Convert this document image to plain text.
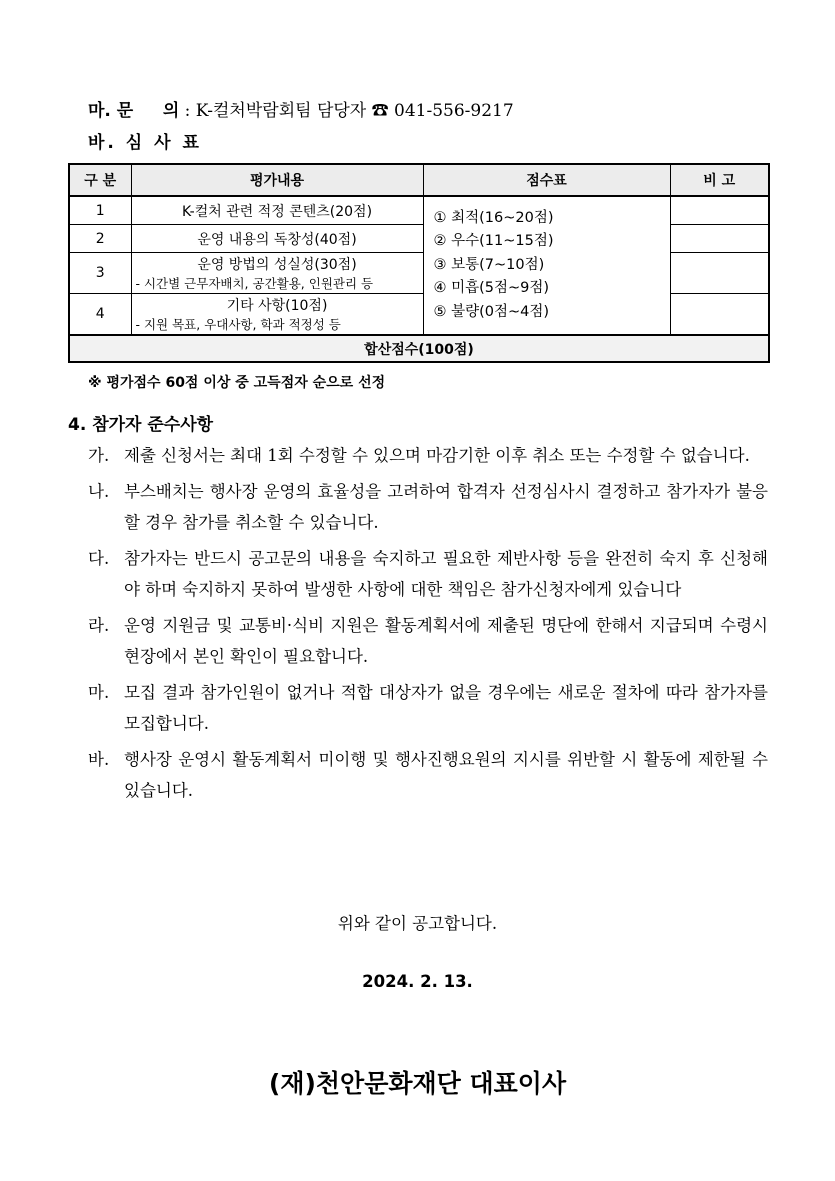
마. 문 의 : K-컬처박람회팀 담당자 ☎ 041-556-9217
바. 심 사 표
구 분	평가내용	점수표	비 고
1	K-컬처 관련 적정 콘텐츠(20점)	① 최적(16~20점)
② 우수(11~15점)
③ 보통(7~10점)
④ 미흡(5점~9점)
⑤ 불량(0점~4점)	

2	운영 내용의 독창성(40점)		
3	운영 방법의 성실성(30점)
- 시간별 근무자배치, 공간활용, 인원관리 등		

4	기타 사항(10점)
- 지원 목표, 우대사항, 학과 적정성 등		

합산점수(100점)			
※ 평가점수 60점 이상 중 고득점자 순으로 선정
4. 참가자 준수사항
가. 제출 신청서는 최대 1회 수정할 수 있으며 마감기한 이후 취소 또는 수정할 수 없습니다.
나. 부스배치는 행사장 운영의 효율성을 고려하여 합격자 선정심사시 결정하고 참가자가 불응할 경우 참가를 취소할 수 있습니다.
다. 참가자는 반드시 공고문의 내용을 숙지하고 필요한 제반사항 등을 완전히 숙지 후 신청해야 하며 숙지하지 못하여 발생한 사항에 대한 책임은 참가신청자에게 있습니다
라. 운영 지원금 및 교통비·식비 지원은 활동계획서에 제출된 명단에 한해서 지급되며 수령시 현장에서 본인 확인이 필요합니다.
마. 모집 결과 참가인원이 없거나 적합 대상자가 없을 경우에는 새로운 절차에 따라 참가자를 모집합니다.
바. 행사장 운영시 활동계획서 미이행 및 행사진행요원의 지시를 위반할 시 활동에 제한될 수 있습니다.
위와 같이 공고합니다.
2024. 2. 13.
(재)천안문화재단 대표이사
